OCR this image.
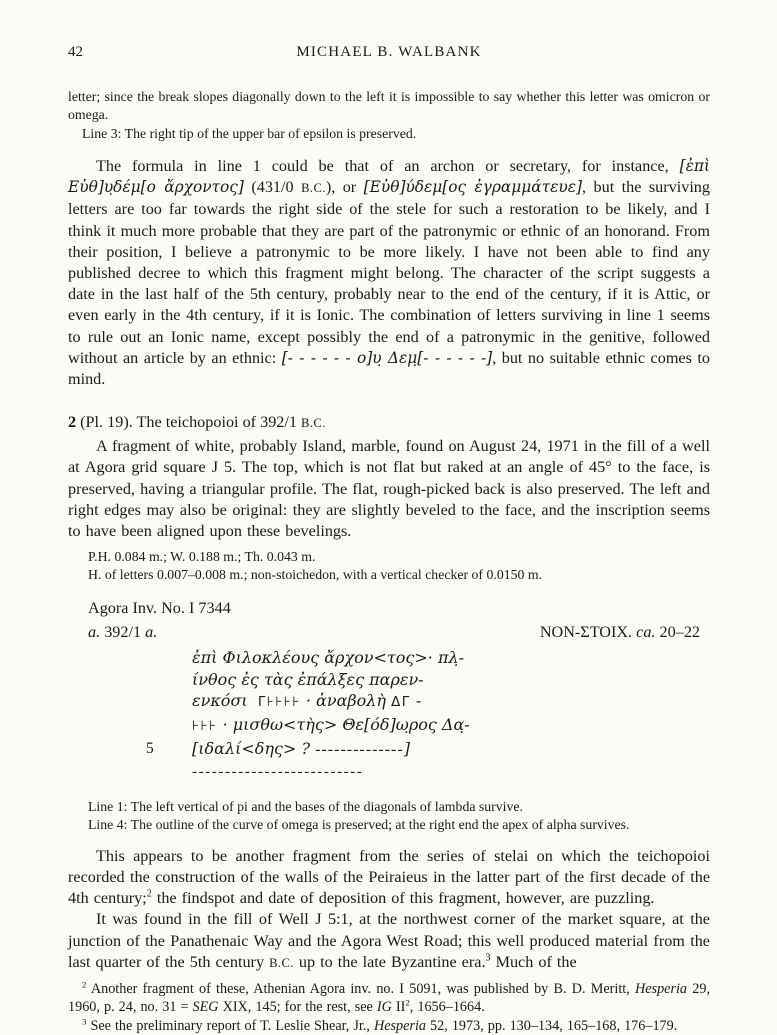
42	MICHAEL B. WALBANK
letter; since the break slopes diagonally down to the left it is impossible to say whether this letter was omicron or omega.
Line 3: The right tip of the upper bar of epsilon is preserved.
The formula in line 1 could be that of an archon or secretary, for instance, [ἐπὶ Εὐθ]υ̣δέμ[ο ἄρχοντος] (431/0 B.C.), or [Εὐθ]ύδεμ[ος ἐγραμμάτευε], but the surviving letters are too far towards the right side of the stele for such a restoration to be likely, and I think it much more probable that they are part of the patronymic or ethnic of an honorand. From their position, I believe a patronymic to be more likely. I have not been able to find any published decree to which this fragment might belong. The character of the script suggests a date in the last half of the 5th century, probably near to the end of the century, if it is Attic, or even early in the 4th century, if it is Ionic. The combination of letters surviving in line 1 seems to rule out an Ionic name, except possibly the end of a patronymic in the genitive, followed without an article by an ethnic: [- - - - - - ο]υ̣ Δεμ̣[- - - - - -], but no suitable ethnic comes to mind.
2 (Pl. 19). The teichopoioi of 392/1 B.C.
A fragment of white, probably Island, marble, found on August 24, 1971 in the fill of a well at Agora grid square J 5. The top, which is not flat but raked at an angle of 45° to the face, is preserved, having a triangular profile. The flat, rough-picked back is also preserved. The left and right edges may also be original: they are slightly beveled to the face, and the inscription seems to have been aligned upon these bevelings.
P.H. 0.084 m.; W. 0.188 m.; Th. 0.043 m.
H. of letters 0.007–0.008 m.; non-stoichedon, with a vertical checker of 0.0150 m.
Agora Inv. No. I 7344
a. 392/1 a.	NON-ΣΤΟΙΧ. ca. 20–22
ἐπὶ Φιλοκλέους ἄρχον<τος>· πλ̣-
ίνθος ἐς τὰς ἐπάλξες παρεν-
ενκόσι  Γ⊦⊦⊦⊦ · ἀναβολὴ ΔΓ -
⊦⊦⊦ · μισθω<τὴς> Θε[όδ]ω̣ρος Δα̣-
5 [ιδαλί<δης> ? --------------]
--------------------------
Line 1: The left vertical of pi and the bases of the diagonals of lambda survive.
Line 4: The outline of the curve of omega is preserved; at the right end the apex of alpha survives.
This appears to be another fragment from the series of stelai on which the teichopoioi recorded the construction of the walls of the Peiraieus in the latter part of the first decade of the 4th century;$^2$ the findspot and date of deposition of this fragment, however, are puzzling.
It was found in the fill of Well J 5:1, at the northwest corner of the market square, at the junction of the Panathenaic Way and the Agora West Road; this well produced material from the last quarter of the 5th century B.C. up to the late Byzantine era.$^3$ Much of the
$^2$ Another fragment of these, Athenian Agora inv. no. I 5091, was published by B. D. Meritt, Hesperia 29, 1960, p. 24, no. 31 = SEG XIX, 145; for the rest, see IG $II^2$, 1656–1664.
$^3$ See the preliminary report of T. Leslie Shear, Jr., Hesperia 52, 1973, pp. 130–134, 165–168, 176–179.
